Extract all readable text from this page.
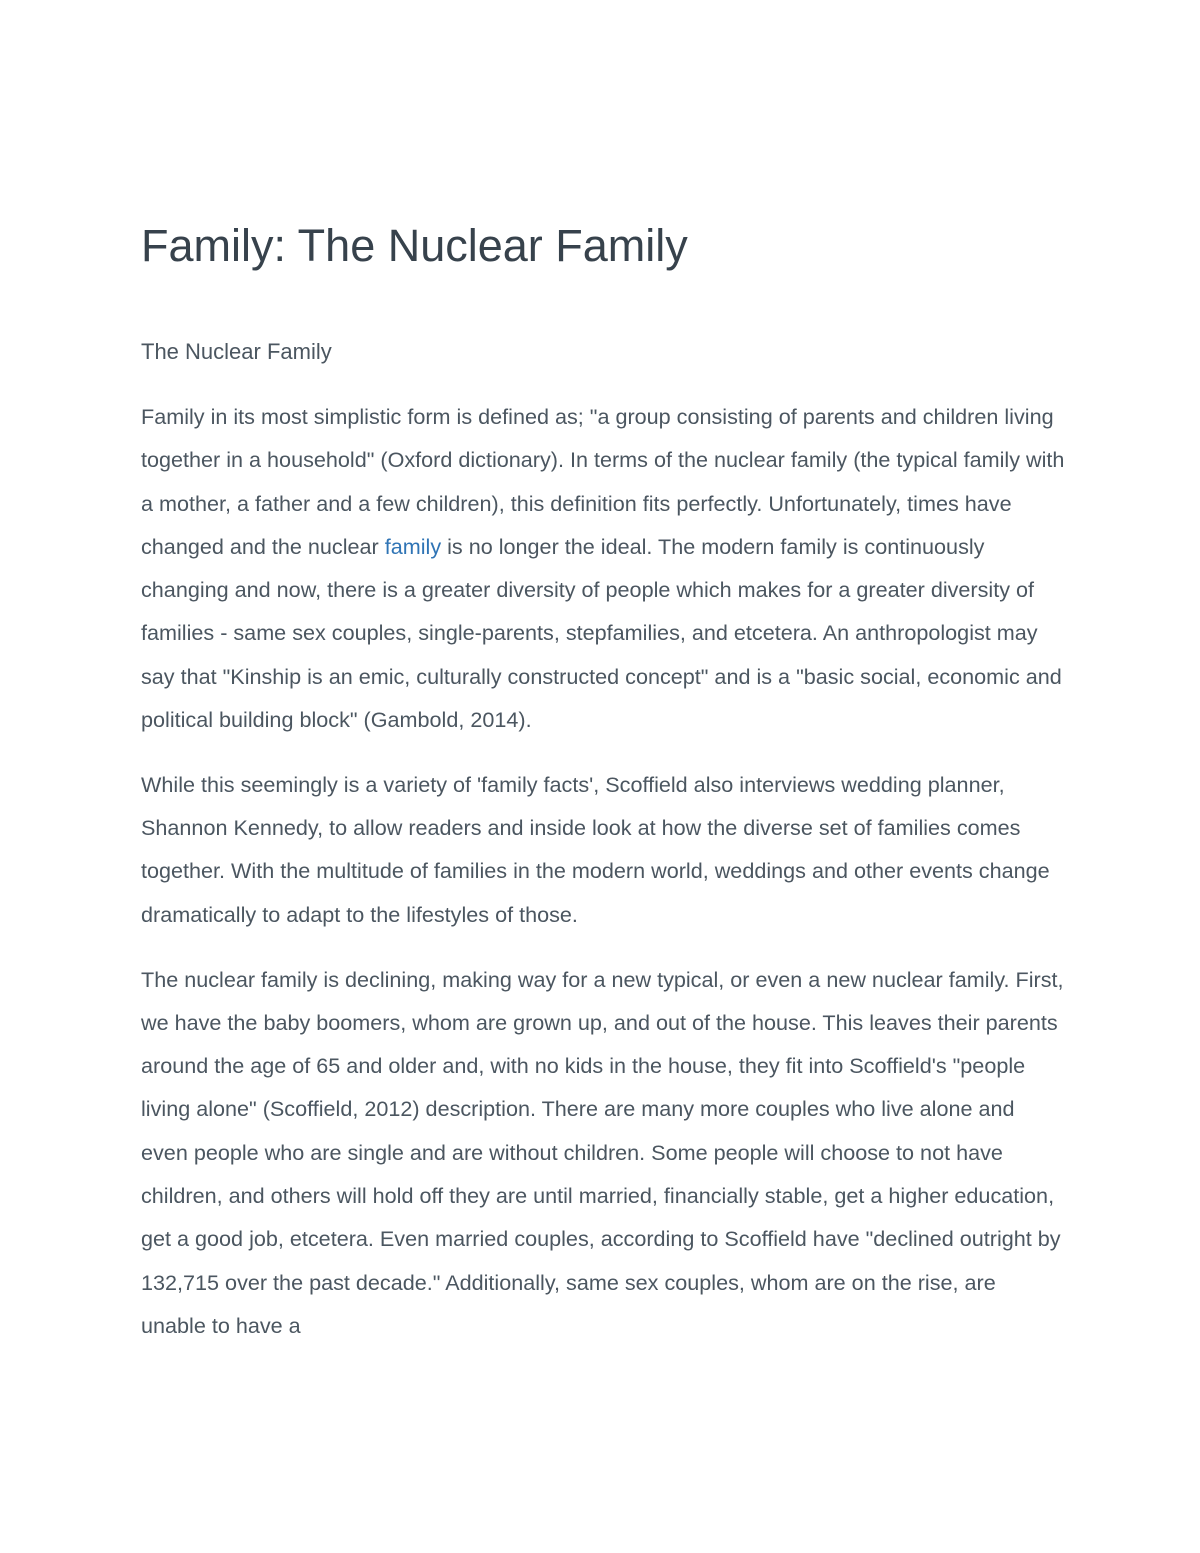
Family: The Nuclear Family
The Nuclear Family

Family in its most simplistic form is defined as; "a group consisting of parents and children living together in a household" (Oxford dictionary). In terms of the nuclear family (the typical family with a mother, a father and a few children), this definition fits perfectly. Unfortunately, times have changed and the nuclear family is no longer the ideal. The modern family is continuously changing and now, there is a greater diversity of people which makes for a greater diversity of families - same sex couples, single-parents, stepfamilies, and etcetera. An anthropologist may say that "Kinship is an emic, culturally constructed concept" and is a "basic social, economic and political building block" (Gambold, 2014).

While this seemingly is a variety of 'family facts', Scoffield also interviews wedding planner, Shannon Kennedy, to allow readers and inside look at how the diverse set of families comes together. With the multitude of families in the modern world, weddings and other events change dramatically to adapt to the lifestyles of those.

The nuclear family is declining, making way for a new typical, or even a new nuclear family. First, we have the baby boomers, whom are grown up, and out of the house. This leaves their parents around the age of 65 and older and, with no kids in the house, they fit into Scoffield's "people living alone" (Scoffield, 2012) description. There are many more couples who live alone and even people who are single and are without children. Some people will choose to not have children, and others will hold off they are until married, financially stable, get a higher education, get a good job, etcetera. Even married couples, according to Scoffield have "declined outright by 132,715 over the past decade." Additionally, same sex couples, whom are on the rise, are unable to have a
